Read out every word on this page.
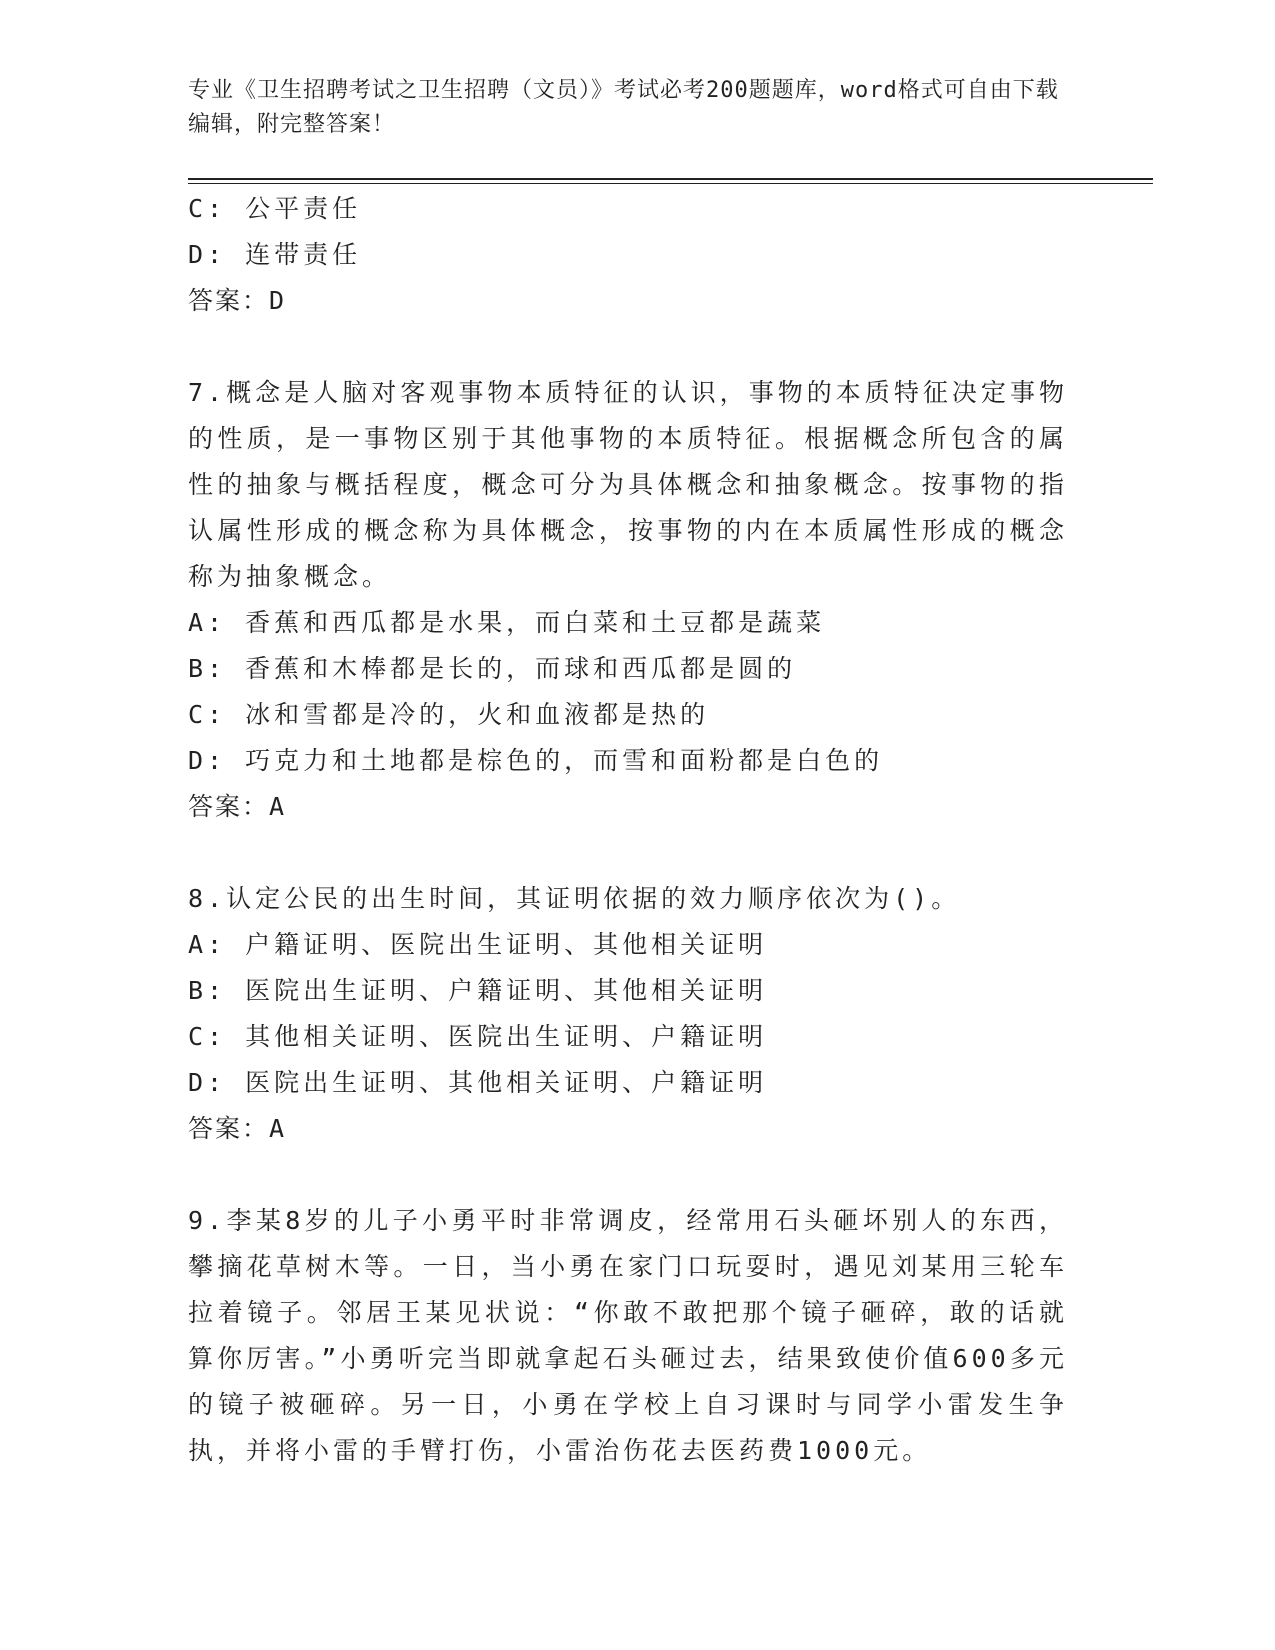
专业《卫生招聘考试之卫生招聘（文员）》考试必考200题题库，word格式可自由下载编辑，附完整答案！
C: 公平责任
D: 连带责任
答案：D
7.概念是人脑对客观事物本质特征的认识，事物的本质特征决定事物的性质，是一事物区别于其他事物的本质特征。根据概念所包含的属性的抽象与概括程度，概念可分为具体概念和抽象概念。按事物的指认属性形成的概念称为具体概念，按事物的内在本质属性形成的概念称为抽象概念。
A: 香蕉和西瓜都是水果，而白菜和土豆都是蔬菜
B: 香蕉和木棒都是长的，而球和西瓜都是圆的
C: 冰和雪都是冷的，火和血液都是热的
D: 巧克力和土地都是棕色的，而雪和面粉都是白色的
答案：A
8.认定公民的出生时间，其证明依据的效力顺序依次为()。
A: 户籍证明、医院出生证明、其他相关证明
B: 医院出生证明、户籍证明、其他相关证明
C: 其他相关证明、医院出生证明、户籍证明
D: 医院出生证明、其他相关证明、户籍证明
答案：A
9.李某8岁的儿子小勇平时非常调皮，经常用石头砸坏别人的东西，攀摘花草树木等。一日，当小勇在家门口玩耍时，遇见刘某用三轮车拉着镜子。邻居王某见状说：“你敢不敢把那个镜子砸碎，敢的话就算你厉害。”小勇听完当即就拿起石头砸过去，结果致使价值600多元的镜子被砸碎。另一日，小勇在学校上自习课时与同学小雷发生争执，并将小雷的手臂打伤，小雷治伤花去医药费1000元。
